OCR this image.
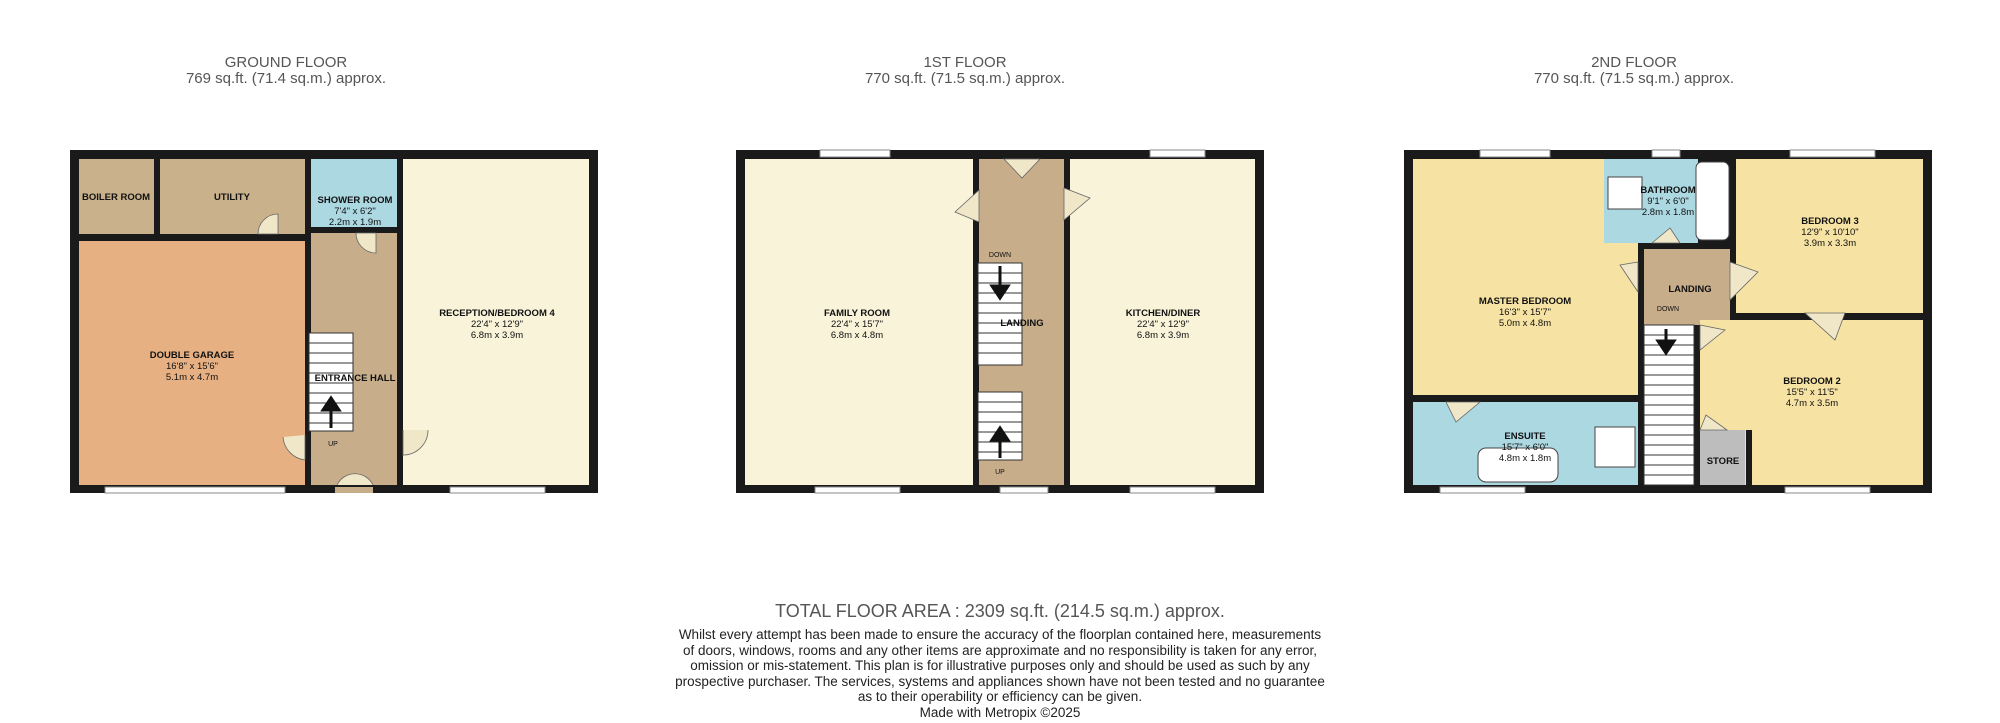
GROUND FLOOR
769 sq.ft. (71.4 sq.m.) approx.
1ST FLOOR
770 sq.ft. (71.5 sq.m.) approx.
2ND FLOOR
770 sq.ft. (71.5 sq.m.) approx.
UP
BOILER ROOM	UTILITY	SHOWER ROOM
7'4" x 6'2"
2.2m x 1.9m
RECEPTION/BEDROOM 4
22'4" x 12'9"
6.8m x 3.9m
DOUBLE GARAGE
16'8" x 15'6"
5.1m x 4.7m	ENTRANCE HALL
DOWN
UP
FAMILY ROOM
22'4" x 15'7"
6.8m x 4.8m
LANDING
KITCHEN/DINER
22'4" x 12'9"
6.8m x 3.9m
DOWN
MASTER BEDROOM
16'3" x 15'7"
5.0m x 4.8m
BATHROOM
9'1" x 6'0"
2.8m x 1.8m
BEDROOM 3
12'9" x 10'10"
3.9m x 3.3m
LANDING
BEDROOM 2
15'5" x 11'5"
4.7m x 3.5m
ENSUITE
15'7" x 6'0"
4.8m x 1.8m	STORE
TOTAL FLOOR AREA : 2309 sq.ft. (214.5 sq.m.) approx.
Whilst every attempt has been made to ensure the accuracy of the floorplan contained here, measurements
of doors, windows, rooms and any other items are approximate and no responsibility is taken for any error,
omission or mis-statement. This plan is for illustrative purposes only and should be used as such by any
prospective purchaser. The services, systems and appliances shown have not been tested and no guarantee
as to their operability or efficiency can be given.
Made with Metropix ©2025
